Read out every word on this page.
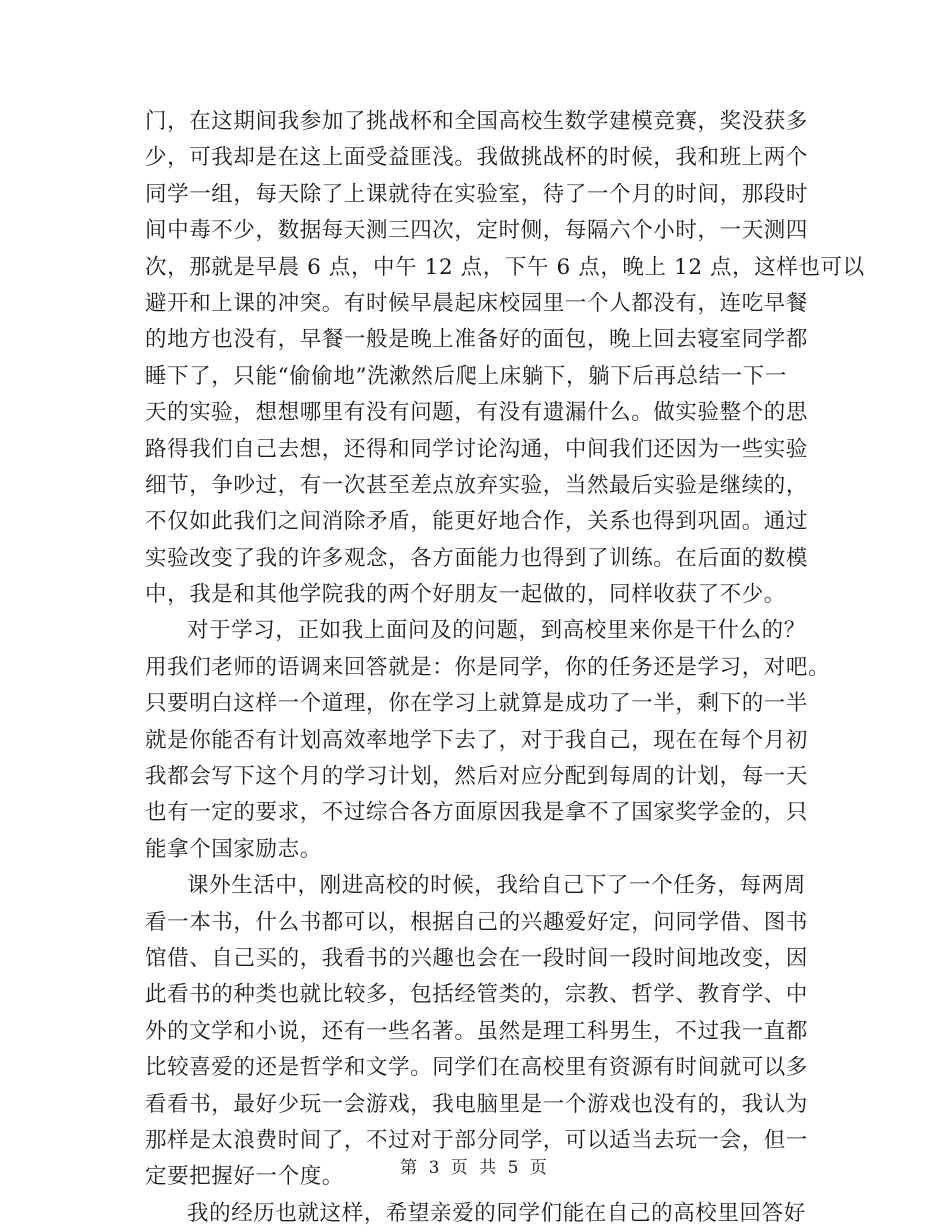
门，在这期间我参加了挑战杯和全国高校生数学建模竞赛，奖没获多
少，可我却是在这上面受益匪浅。我做挑战杯的时候，我和班上两个
同学一组，每天除了上课就待在实验室，待了一个月的时间，那段时
间中毒不少，数据每天测三四次，定时侧，每隔六个小时，一天测四
次，那就是早晨 6 点，中午 12 点，下午 6 点，晚上 12 点，这样也可以
避开和上课的冲突。有时候早晨起床校园里一个人都没有，连吃早餐
的地方也没有，早餐一般是晚上准备好的面包，晚上回去寝室同学都
睡下了，只能“偷偷地”洗漱然后爬上床躺下，躺下后再总结一下一
天的实验，想想哪里有没有问题，有没有遗漏什么。做实验整个的思
路得我们自己去想，还得和同学讨论沟通，中间我们还因为一些实验
细节，争吵过，有一次甚至差点放弃实验，当然最后实验是继续的，
不仅如此我们之间消除矛盾，能更好地合作，关系也得到巩固。通过
实验改变了我的许多观念，各方面能力也得到了训练。在后面的数模
中，我是和其他学院我的两个好朋友一起做的，同样收获了不少。
对于学习，正如我上面问及的问题，到高校里来你是干什么的？
用我们老师的语调来回答就是：你是同学，你的任务还是学习，对吧。
只要明白这样一个道理，你在学习上就算是成功了一半，剩下的一半
就是你能否有计划高效率地学下去了，对于我自己，现在在每个月初
我都会写下这个月的学习计划，然后对应分配到每周的计划，每一天
也有一定的要求，不过综合各方面原因我是拿不了国家奖学金的，只
能拿个国家励志。
课外生活中，刚进高校的时候，我给自己下了一个任务，每两周
看一本书，什么书都可以，根据自己的兴趣爱好定，问同学借、图书
馆借、自己买的，我看书的兴趣也会在一段时间一段时间地改变，因
此看书的种类也就比较多，包括经管类的，宗教、哲学、教育学、中
外的文学和小说，还有一些名著。虽然是理工科男生，不过我一直都
比较喜爱的还是哲学和文学。同学们在高校里有资源有时间就可以多
看看书，最好少玩一会游戏，我电脑里是一个游戏也没有的，我认为
那样是太浪费时间了，不过对于部分同学，可以适当去玩一会，但一
定要把握好一个度。
我的经历也就这样，希望亲爱的同学们能在自己的高校里回答好
第 3 页 共 5 页
